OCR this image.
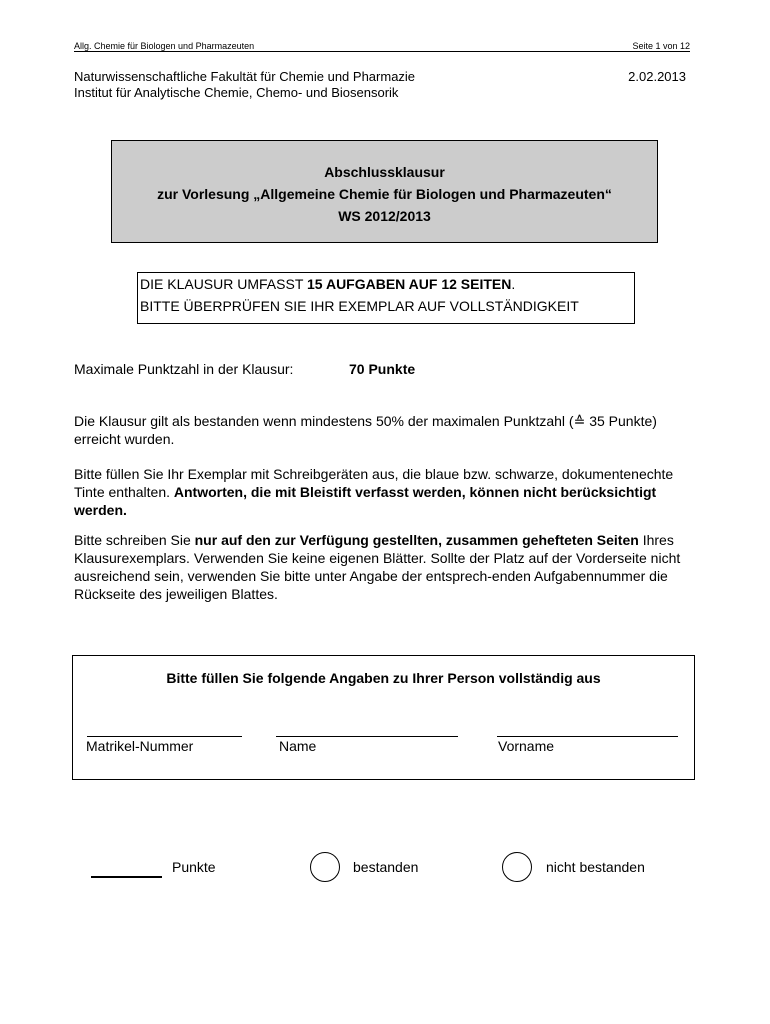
Allg. Chemie für Biologen und Pharmazeuten	Seite 1 von 12
Naturwissenschaftliche Fakultät für Chemie und Pharmazie
Institut für Analytische Chemie, Chemo- und Biosensorik
2.02.2013
Abschlussklausur
zur Vorlesung „Allgemeine Chemie für Biologen und Pharmazeuten“
WS 2012/2013
DIE KLAUSUR UMFASST 15 AUFGABEN AUF 12 SEITEN.
BITTE ÜBERPRÜFEN SIE IHR EXEMPLAR AUF VOLLSTÄNDIGKEIT
Maximale Punktzahl in der Klausur:	70 Punkte
Die Klausur gilt als bestanden wenn mindestens 50% der maximalen Punktzahl (≙ 35 Punkte) erreicht wurden.
Bitte füllen Sie Ihr Exemplar mit Schreibgeräten aus, die blaue bzw. schwarze, dokumentenechte Tinte enthalten. Antworten, die mit Bleistift verfasst werden, können nicht berücksichtigt werden.
Bitte schreiben Sie nur auf den zur Verfügung gestellten, zusammen gehefteten Seiten Ihres Klausurexemplars. Verwenden Sie keine eigenen Blätter. Sollte der Platz auf der Vorderseite nicht ausreichend sein, verwenden Sie bitte unter Angabe der entsprech-enden Aufgabennummer die Rückseite des jeweiligen Blattes.
Bitte füllen Sie folgende Angaben zu Ihrer Person vollständig aus
Matrikel-Nummer	Name	Vorname
Punkte	bestanden	nicht bestanden
